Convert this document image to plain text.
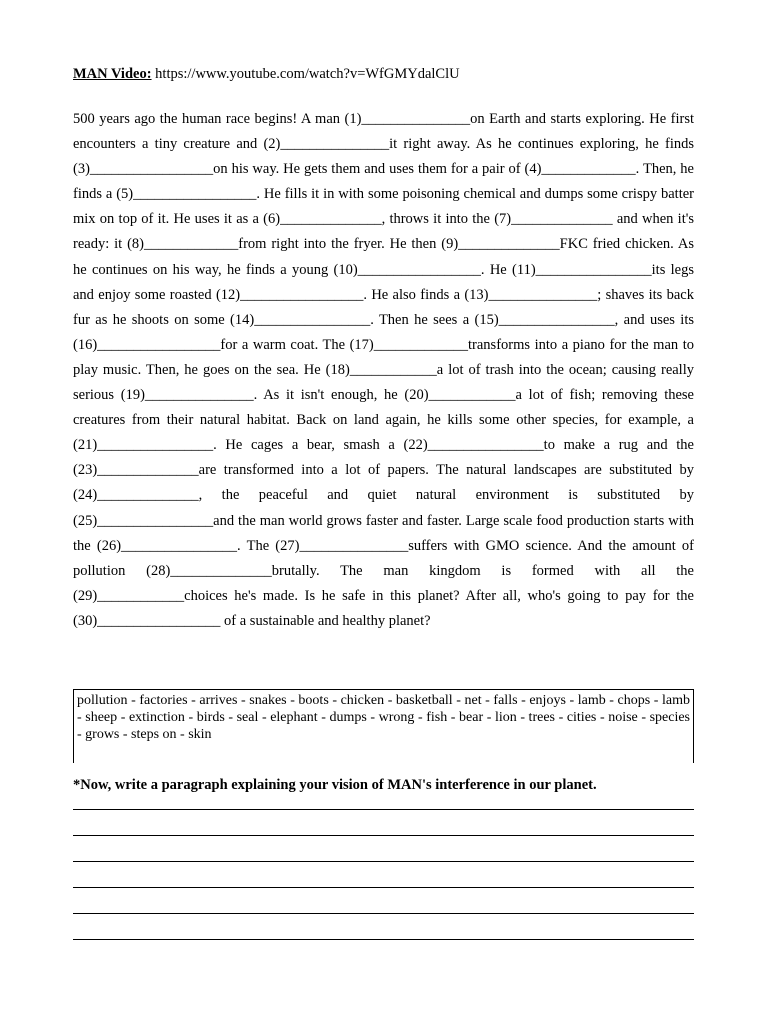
MAN Video: https://www.youtube.com/watch?v=WfGMYdalClU

500 years ago the human race begins! A man (1)_______________on Earth and starts exploring. He first encounters a tiny creature and (2)_______________it right away. As he continues exploring, he finds (3)_________________on his way. He gets them and uses them for a pair of (4)_____________. Then, he finds a (5)_________________. He fills it in with some poisoning chemical and dumps some crispy batter mix on top of it. He uses it as a (6)______________, throws it into the (7)______________ and when it's ready: it (8)_____________from right into the fryer. He then (9)______________FKC fried chicken. As he continues on his way, he finds a young (10)_________________. He (11)________________its legs and enjoy some roasted (12)_________________. He also finds a (13)_______________; shaves its back fur as he shoots on some (14)________________. Then he sees a (15)________________, and uses its (16)_________________for a warm coat. The (17)_____________transforms into a piano for the man to play music. Then, he goes on the sea. He (18)____________a lot of trash into the ocean; causing really serious (19)_______________. As it isn't enough, he (20)____________a lot of fish; removing these creatures from their natural habitat. Back on land again, he kills some other species, for example, a (21)________________. He cages a bear, smash a (22)________________to make a rug and the (23)______________are transformed into a lot of papers. The natural landscapes are substituted by (24)______________, the peaceful and quiet natural environment is substituted by (25)________________and the man world grows faster and faster. Large scale food production starts with the (26)________________. The (27)_______________suffers with GMO science. And the amount of pollution (28)______________brutally. The man kingdom is formed with all the (29)____________choices he's made. Is he safe in this planet? After all, who's going to pay for the (30)_________________ of a sustainable and healthy planet?

pollution - factories - arrives - snakes - boots - chicken - basketball - net - falls - enjoys - lamb - chops - lamb - sheep - extinction - birds - seal - elephant - dumps - wrong - fish - bear - lion - trees - cities - noise - species - grows - steps on - skin
*Now, write a paragraph explaining your vision of MAN's interference in our planet.
